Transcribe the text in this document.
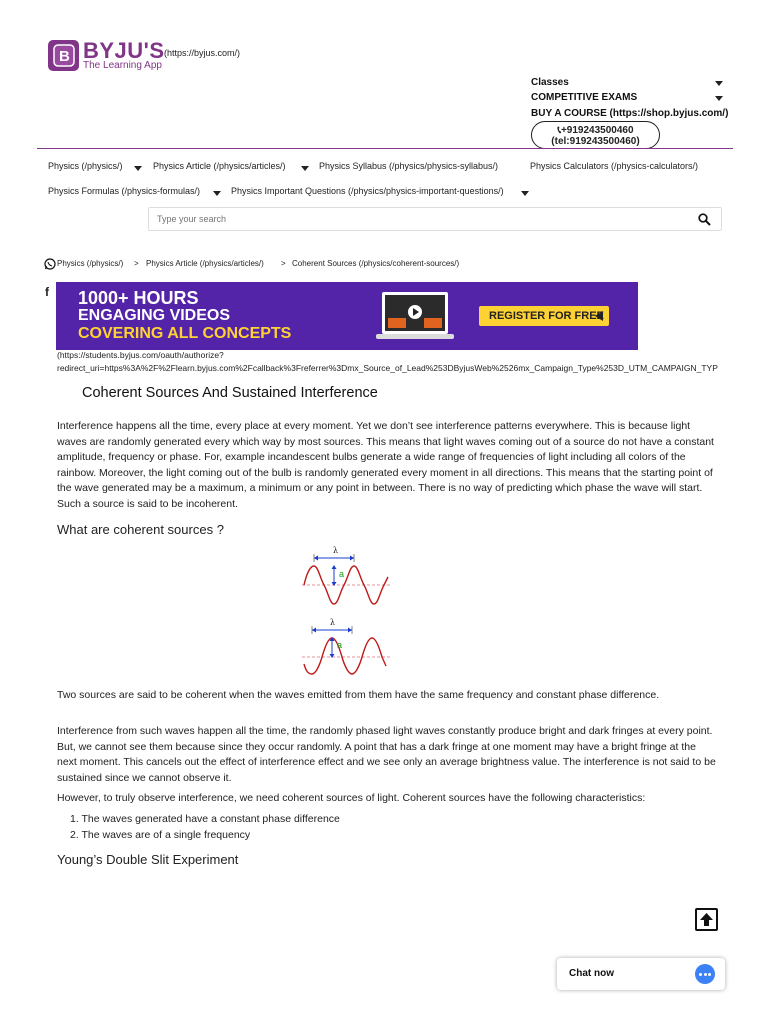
B BYJU'S (https://byjus.com/)
The Learning App
Classes
COMPETITIVE EXAMS
BUY A COURSE (https://shop.byjus.com/)
📞︎+919243500460
(tel:919243500460)
Physics (/physics/)	Physics Article (/physics/articles/)	Physics Syllabus (/physics/physics-syllabus/)	Physics Calculators (/physics-calculators/)
Physics Formulas (/physics-formulas/)	Physics Important Questions (/physics/physics-important-questions/)
Type your search
Physics (/physics/) > Physics Article (/physics/articles/) > Coherent Sources (/physics/coherent-sources/)
f 1000+ HOURS
ENGAGING VIDEOS
COVERING ALL CONCEPTS
REGISTER FOR FREE
(https://students.byjus.com/oauth/authorize?
redirect_uri=https%3A%2F%2Flearn.byjus.com%2Fcallback%3Freferrer%3Dmx_Source_of_Lead%253DByjusWeb%2526mx_Campaign_Type%253D_UTM_CAMPAIGN_TYP
Coherent Sources And Sustained Interference
Interference happens all the time, every place at every moment. Yet we don’t see interference patterns everywhere. This is because light waves are randomly generated every which way by most sources. This means that light waves coming out of a source do not have a constant amplitude, frequency or phase. For, example incandescent bulbs generate a wide range of frequencies of light including all colors of the rainbow. Moreover, the light coming out of the bulb is randomly generated every moment in all directions. This means that the starting point of the wave generated may be a maximum, a minimum or any point in between. There is no way of predicting which phase the wave will start. Such a source is said to be incoherent.
What are coherent sources ?
λ
a
λ
a
Two sources are said to be coherent when the waves emitted from them have the same frequency and constant phase difference.
Interference from such waves happen all the time, the randomly phased light waves constantly produce bright and dark fringes at every point. But, we cannot see them because since they occur randomly. A point that has a dark fringe at one moment may have a bright fringe at the next moment. This cancels out the effect of interference effect and we see only an average brightness value. The interference is not said to be sustained since we cannot observe it.
However, to truly observe interference, we need coherent sources of light. Coherent sources have the following characteristics:
1. The waves generated have a constant phase difference
2. The waves are of a single frequency
Young’s Double Slit Experiment
Chat now
